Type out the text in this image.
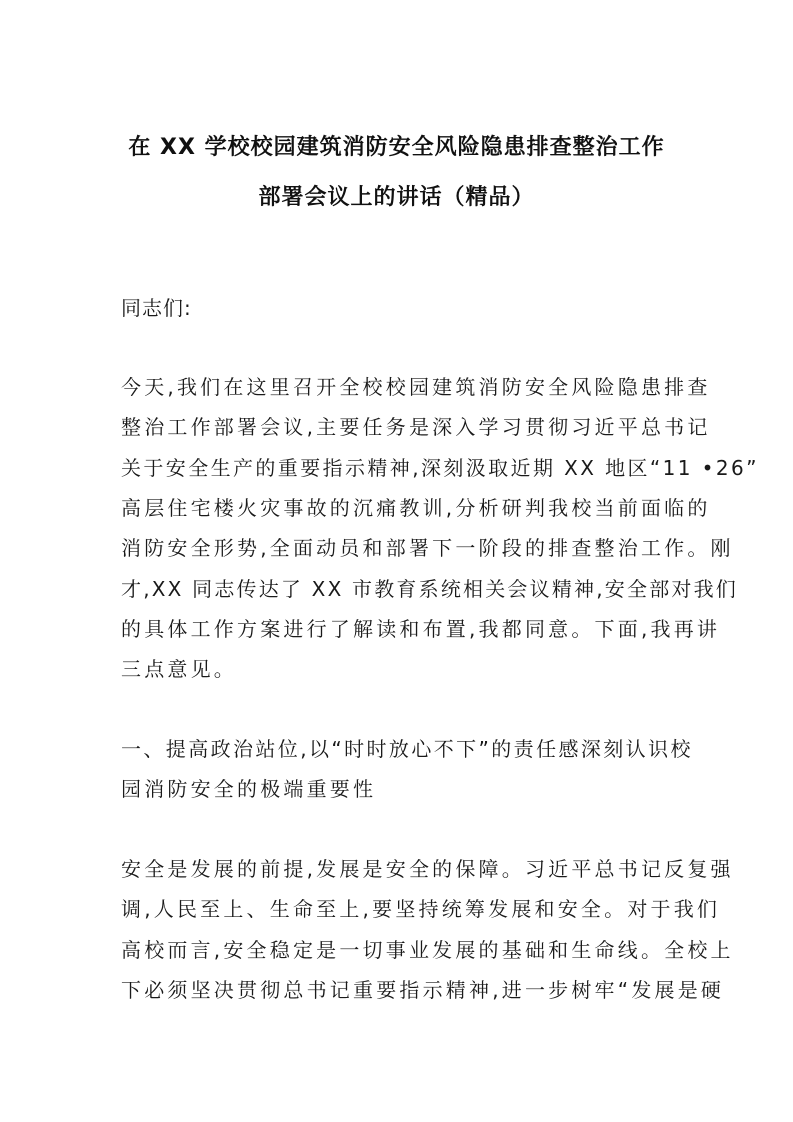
在 XX 学校校园建筑消防安全风险隐患排查整治工作
部署会议上的讲话（精品）
同志们:
今天,我们在这里召开全校校园建筑消防安全风险隐患排查
整治工作部署会议,主要任务是深入学习贯彻习近平总书记
关于安全生产的重要指示精神,深刻汲取近期 XX 地区“11 •26”
高层住宅楼火灾事故的沉痛教训,分析研判我校当前面临的
消防安全形势,全面动员和部署下一阶段的排查整治工作。刚
才,XX 同志传达了 XX 市教育系统相关会议精神,安全部对我们
的具体工作方案进行了解读和布置,我都同意。下面,我再讲
三点意见。
一、提高政治站位,以“时时放心不下”的责任感深刻认识校
园消防安全的极端重要性
安全是发展的前提,发展是安全的保障。习近平总书记反复强
调,人民至上、生命至上,要坚持统筹发展和安全。对于我们
高校而言,安全稳定是一切事业发展的基础和生命线。全校上
下必须坚决贯彻总书记重要指示精神,进一步树牢“发展是硬
